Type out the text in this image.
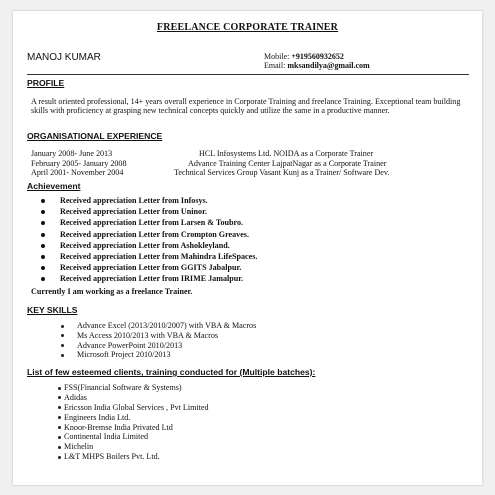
FREELANCE CORPORATE TRAINER
MANOJ KUMAR	Mobile: +919560932652
Email: mksandilya@gmail.com
PROFILE
A result oriented professional, 14+ years overall experience in Corporate Training and freelance Training. Exceptional team building skills with proficiency at grasping new technical concepts quickly and utilize the same in a productive manner.
ORGANISATIONAL EXPERIENCE
January 2008- June 2013	HCL Infosystems Ltd. NOIDA as a Corporate Trainer
February 2005- January 2008	Advance Training Center LajpatNagar as a Corporate Trainer
April 2001- November 2004	Technical Services Group Vasant Kunj as a Trainer/ Software Dev.
Achievement
Received appreciation Letter from Infosys.
Received appreciation Letter from Uninor.
Received appreciation Letter from Larsen & Toubro.
Received appreciation Letter from Crompton Greaves.
Received appreciation Letter from Ashokleyland.
Received appreciation Letter from Mahindra LifeSpaces.
Received appreciation Letter from GGITS Jabalpur.
Received appreciation Letter from IRIME Jamalpur.
Currently I am working as a freelance Trainer.
KEY SKILLS
Advance Excel (2013/2010/2007) with VBA & Macros
Ms Access 2010/2013 with VBA & Macros
Advance PowerPoint 2010/2013
Microsoft Project 2010/2013
List of few esteemed clients, training conducted for (Multiple batches):
FSS(Financial Software & Systems)
Adidas
Ericsson India Global Services , Pvt Limited
Engineers India Ltd.
Knoor-Bremse India Privated Ltd
Continental India Limited
Michelin
L&T MHPS Boilers Pvt. Ltd.
